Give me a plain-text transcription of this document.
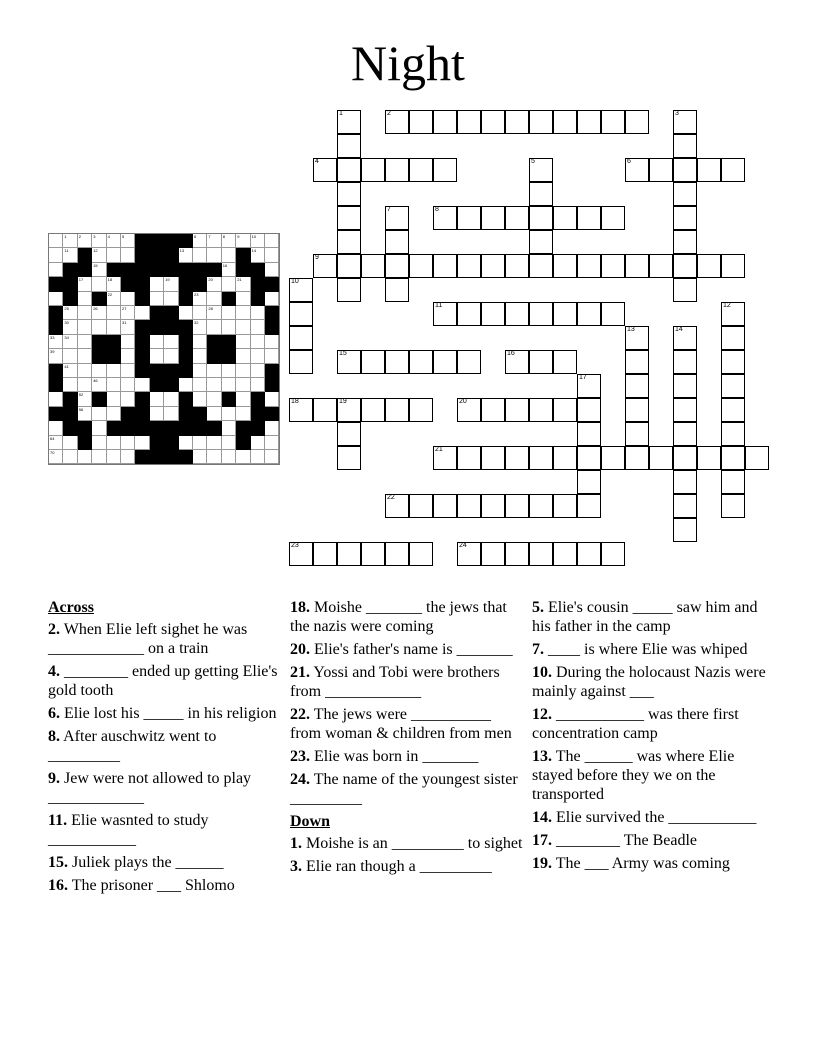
Night
1	2	3
4	5	6
7	8
9
10
11	12
13	14
15	16
17
18	19	20
21
22
23	24
1	2	3	4	5	6	7	8	9	10
11	12	13	14
15	16
17	18	19	20	21
22	23
25	26	27	28
30	31	32
33 34
39
41
46
52
56
64
70
Across
2. When Elie left sighet he was ____________ on a train
4. ________ ended up getting Elie's gold tooth
6. Elie lost his _____ in his religion
8. After auschwitz went to _________
9. Jew were not allowed to play ____________
11. Elie wasnted to study ___________
15. Juliek plays the ______
16. The prisoner ___ Shlomo
18. Moishe _______ the jews that the nazis were coming
20. Elie's father's name is _______
21. Yossi and Tobi were brothers from ____________
22. The jews were __________ from woman & children from men
23. Elie was born in _______
24. The name of the youngest sister _________
Down
1. Moishe is an _________ to sighet
3. Elie ran though a _________
5. Elie's cousin _____ saw him and his father in the camp
7. ____ is where Elie was whiped
10. During the holocaust Nazis were mainly against ___
12. ___________ was there first concentration camp
13. The ______ was where Elie stayed before they we on the transported
14. Elie survived the ___________
17. ________ The Beadle
19. The ___ Army was coming
